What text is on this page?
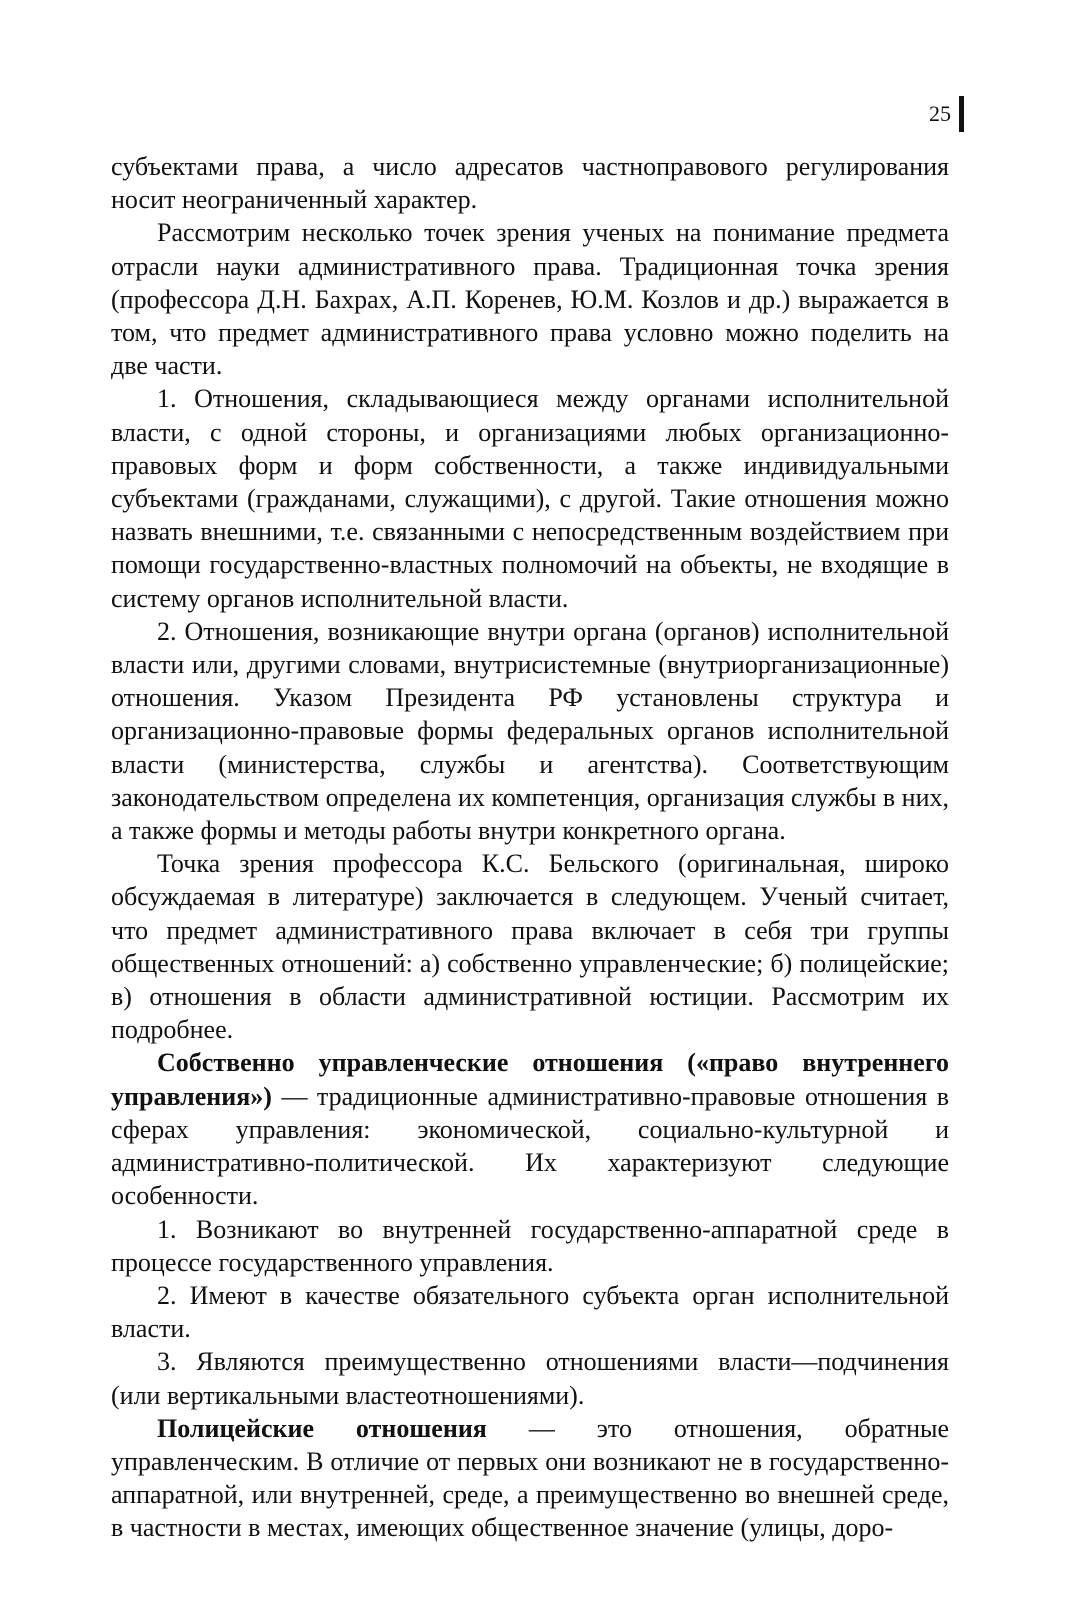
25

субъектами права, а число адресатов частноправового регулирования носит неограниченный характер.

Рассмотрим несколько точек зрения ученых на понимание предмета отрасли науки административного права. Традиционная точка зрения (профессора Д.Н. Бахрах, А.П. Коренев, Ю.М. Козлов и др.) выражается в том, что предмет административного права условно можно поделить на две части.

1. Отношения, складывающиеся между органами исполнительной власти, с одной стороны, и организациями любых организационно-правовых форм и форм собственности, а также индивидуальными субъектами (гражданами, служащими), с другой. Такие отношения можно назвать внешними, т.е. связанными с непосредственным воздействием при помощи государственно-властных полномочий на объекты, не входящие в систему органов исполнительной власти.

2. Отношения, возникающие внутри органа (органов) исполнительной власти или, другими словами, внутрисистемные (внутриорганизационные) отношения. Указом Президента РФ установлены структура и организационно-правовые формы федеральных органов исполнительной власти (министерства, службы и агентства). Соответствующим законодательством определена их компетенция, организация службы в них, а также формы и методы работы внутри конкретного органа.

Точка зрения профессора К.С. Бельского (оригинальная, широко обсуждаемая в литературе) заключается в следующем. Ученый считает, что предмет административного права включает в себя три группы общественных отношений: а) собственно управленческие; б) полицейские; в) отношения в области административной юстиции. Рассмотрим их подробнее.

Собственно управленческие отношения («право внутреннего управления») — традиционные административно-правовые отношения в сферах управления: экономической, социально-культурной и административно-политической. Их характеризуют следующие особенности.

1. Возникают во внутренней государственно-аппаратной среде в процессе государственного управления.

2. Имеют в качестве обязательного субъекта орган исполнительной власти.

3. Являются преимущественно отношениями власти—подчинения (или вертикальными властеотношениями).

Полицейские отношения — это отношения, обратные управленческим. В отличие от первых они возникают не в государственно-аппаратной, или внутренней, среде, а преимущественно во внешней среде, в частности в местах, имеющих общественное значение (улицы, доро-
